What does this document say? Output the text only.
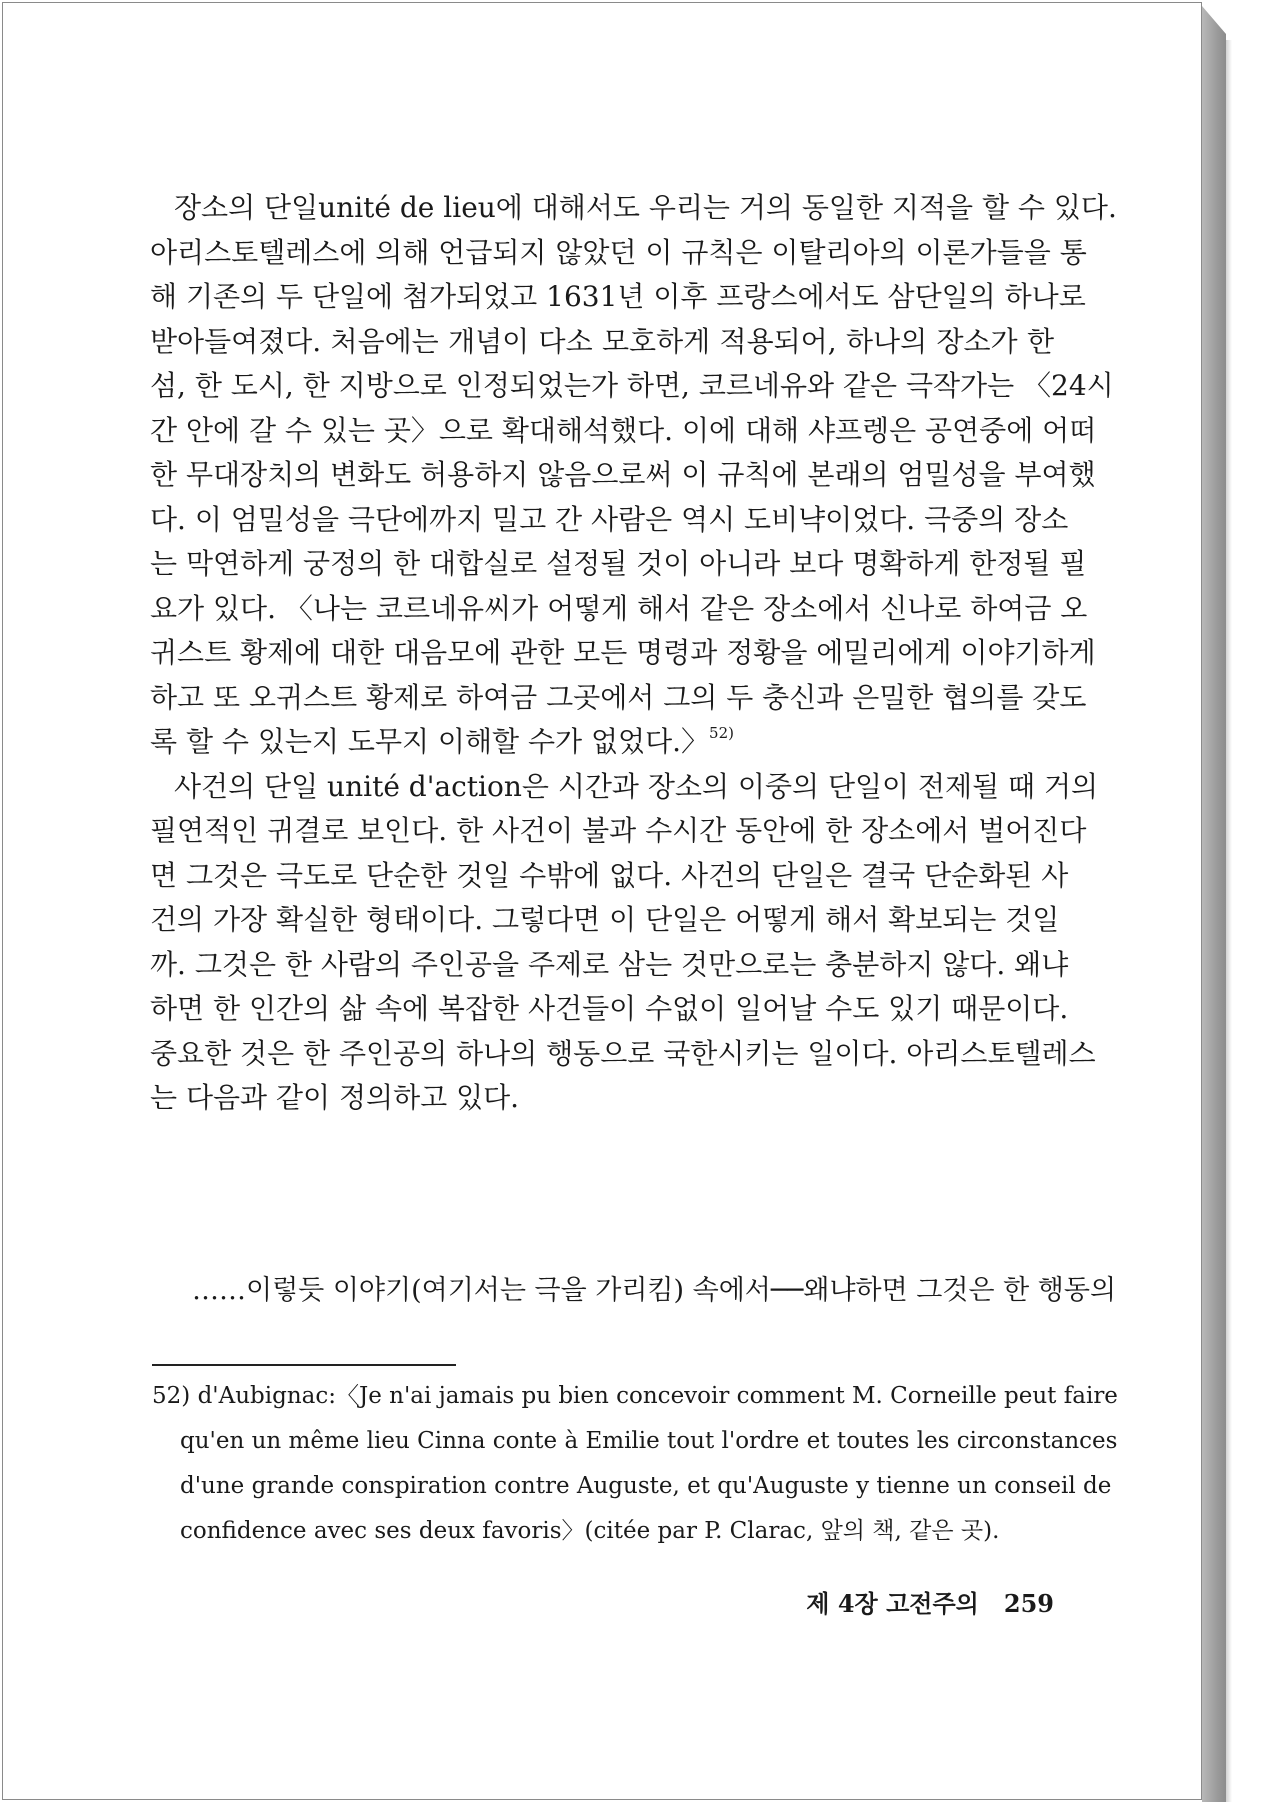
장소의 단일unité de lieu에 대해서도 우리는 거의 동일한 지적을 할 수 있다.
아리스토텔레스에 의해 언급되지 않았던 이 규칙은 이탈리아의 이론가들을 통
해 기존의 두 단일에 첨가되었고 1631년 이후 프랑스에서도 삼단일의 하나로
받아들여졌다. 처음에는 개념이 다소 모호하게 적용되어, 하나의 장소가 한
섬, 한 도시, 한 지방으로 인정되었는가 하면, 코르네유와 같은 극작가는 〈24시
간 안에 갈 수 있는 곳〉으로 확대해석했다. 이에 대해 샤프렝은 공연중에 어떠
한 무대장치의 변화도 허용하지 않음으로써 이 규칙에 본래의 엄밀성을 부여했
다. 이 엄밀성을 극단에까지 밀고 간 사람은 역시 도비냑이었다. 극중의 장소
는 막연하게 궁정의 한 대합실로 설정될 것이 아니라 보다 명확하게 한정될 필
요가 있다. 〈나는 코르네유씨가 어떻게 해서 같은 장소에서 신나로 하여금 오
귀스트 황제에 대한 대음모에 관한 모든 명령과 정황을 에밀리에게 이야기하게
하고 또 오귀스트 황제로 하여금 그곳에서 그의 두 충신과 은밀한 협의를 갖도
록 할 수 있는지 도무지 이해할 수가 없었다.〉$^{52)}$
사건의 단일 unité d'action은 시간과 장소의 이중의 단일이 전제될 때 거의
필연적인 귀결로 보인다. 한 사건이 불과 수시간 동안에 한 장소에서 벌어진다
면 그것은 극도로 단순한 것일 수밖에 없다. 사건의 단일은 결국 단순화된 사
건의 가장 확실한 형태이다. 그렇다면 이 단일은 어떻게 해서 확보되는 것일
까. 그것은 한 사람의 주인공을 주제로 삼는 것만으로는 충분하지 않다. 왜냐
하면 한 인간의 삶 속에 복잡한 사건들이 수없이 일어날 수도 있기 때문이다.
중요한 것은 한 주인공의 하나의 행동으로 국한시키는 일이다. 아리스토텔레스
는 다음과 같이 정의하고 있다.
……이렇듯 이야기(여기서는 극을 가리킴) 속에서──왜냐하면 그것은 한 행동의
52) d'Aubignac:〈Je n'ai jamais pu bien concevoir comment M. Corneille peut faire
qu'en un même lieu Cinna conte à Emilie tout l'ordre et toutes les circonstances
d'une grande conspiration contre Auguste, et qu'Auguste y tienne un conseil de
confidence avec ses deux favoris〉(citée par P. Clarac, 앞의 책, 같은 곳).
제 4장 고전주의 259
